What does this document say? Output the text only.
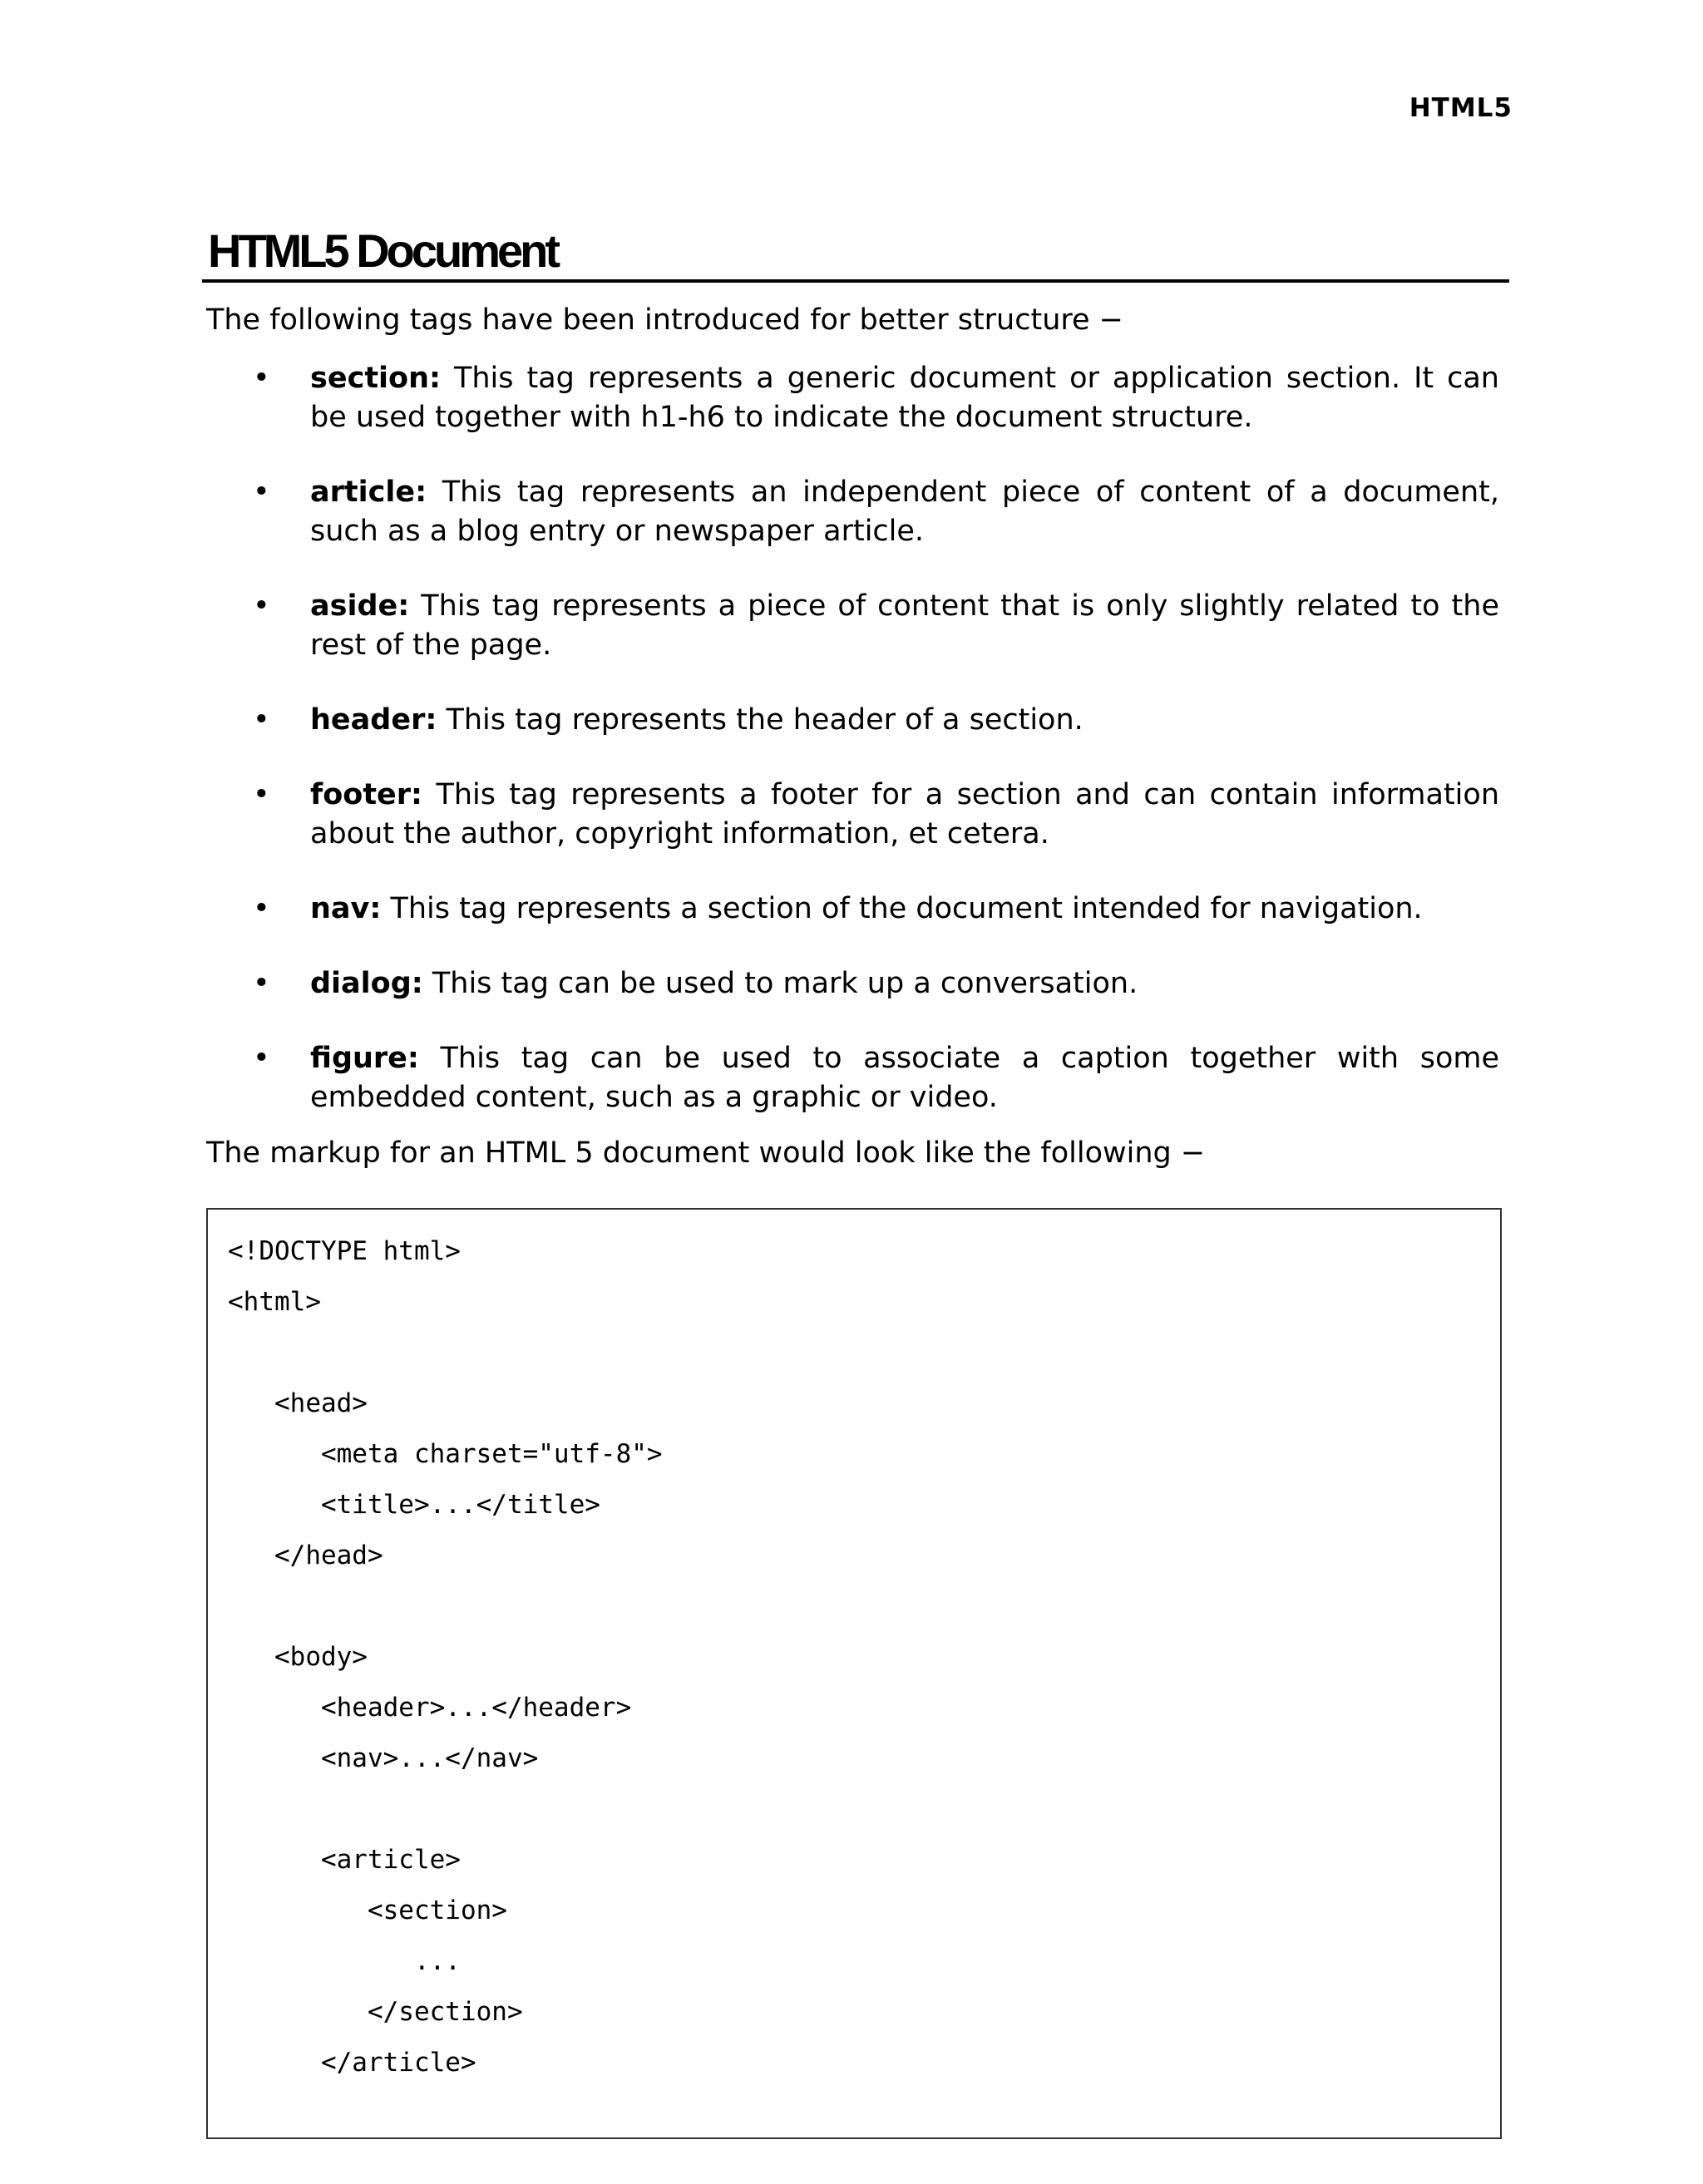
HTML5
HTML5 Document

The following tags have been introduced for better structure −

• section: This tag represents a generic document or application section. It can be used together with h1-h6 to indicate the document structure.
• article: This tag represents an independent piece of content of a document, such as a blog entry or newspaper article.
• aside: This tag represents a piece of content that is only slightly related to the rest of the page.
• header: This tag represents the header of a section.
• footer: This tag represents a footer for a section and can contain information about the author, copyright information, et cetera.
• nav: This tag represents a section of the document intended for navigation.
• dialog: This tag can be used to mark up a conversation.
• figure: This tag can be used to associate a caption together with some embedded content, such as a graphic or video.

The markup for an HTML 5 document would look like the following −

<!DOCTYPE html>
<html>
<head>
<meta charset="utf-8">
<title>...</title>
</head>
<body>
<header>...</header>
<nav>...</nav>
<article>
<section>
...
</section>
</article>
